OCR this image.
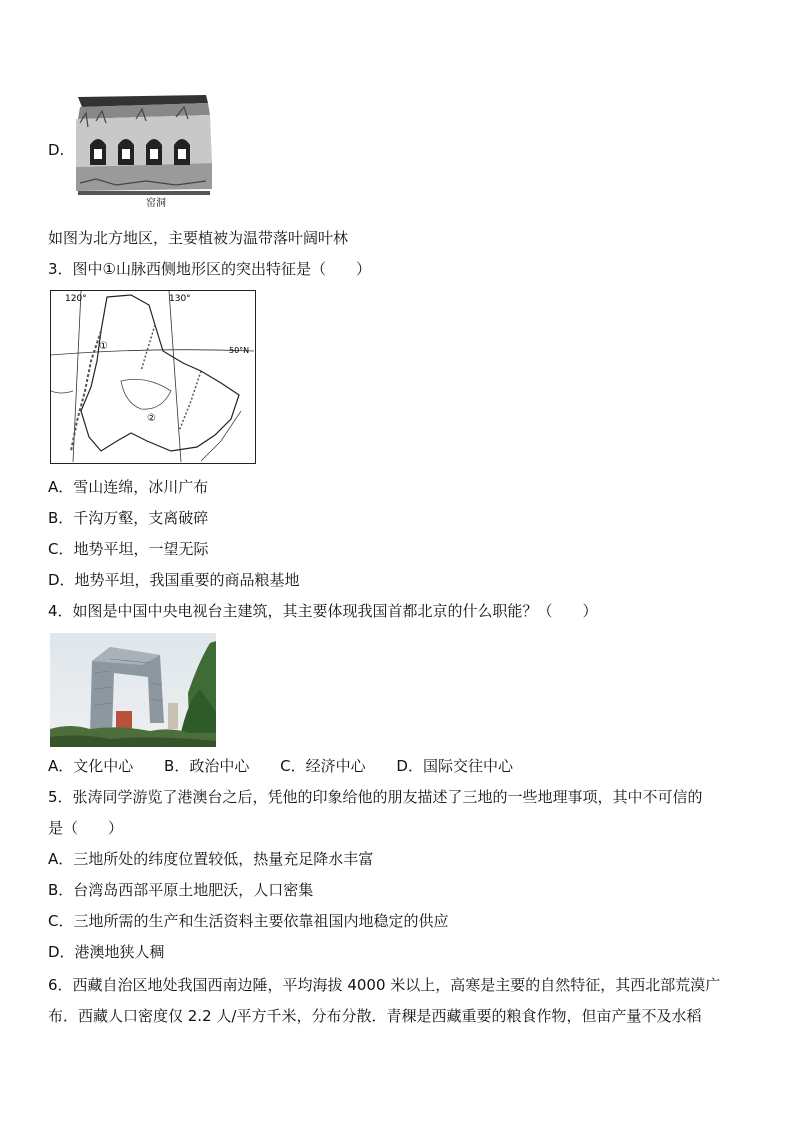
D.
窑洞
如图为北方地区，主要植被为温带落叶阔叶林
3．图中①山脉西侧地形区的突出特征是（　　）
120°	130°
50°N
①
②
A．雪山连绵，冰川广布
B．千沟万壑，支离破碎
C．地势平坦，一望无际
D．地势平坦，我国重要的商品粮基地
4．如图是中国中央电视台主建筑，其主要体现我国首都北京的什么职能？（　　）
A．文化中心 B．政治中心 C．经济中心 D．国际交往中心
5．张涛同学游览了港澳台之后，凭他的印象给他的朋友描述了三地的一些地理事项，其中不可信的
是（　　）
A．三地所处的纬度位置较低，热量充足降水丰富
B．台湾岛西部平原土地肥沃，人口密集
C．三地所需的生产和生活资料主要依靠祖国内地稳定的供应
D．港澳地狭人稠
6．西藏自治区地处我国西南边陲，平均海拔 4000 米以上，高寒是主要的自然特征，其西北部荒漠广
布．西藏人口密度仅 2.2 人/平方千米，分布分散．青稞是西藏重要的粮食作物，但亩产量不及水稻
